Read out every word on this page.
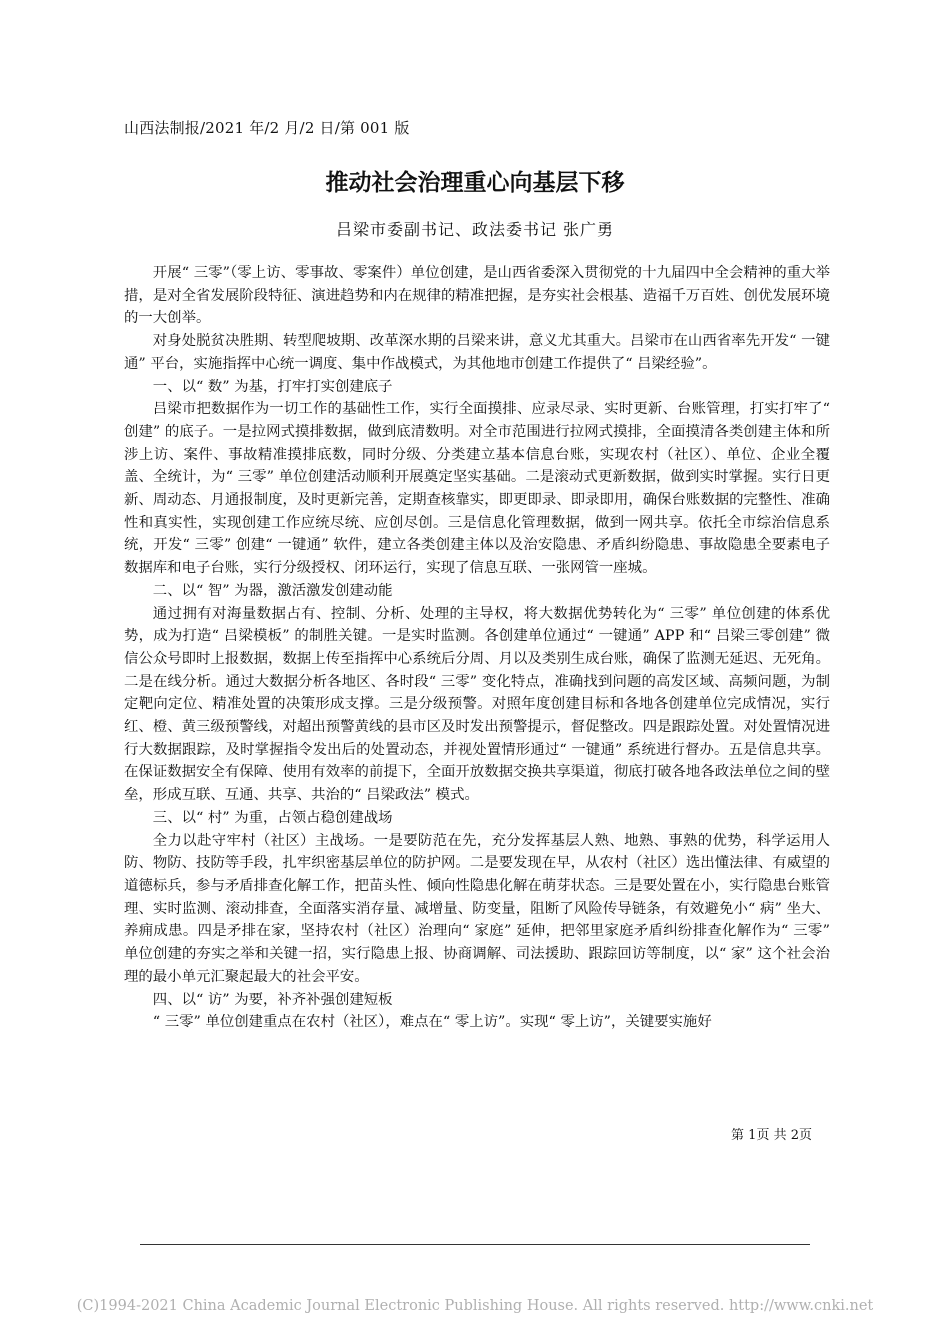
山西法制报/2021 年/2 月/2 日/第 001 版
推动社会治理重心向基层下移
吕梁市委副书记、政法委书记 张广勇

开展“ 三零”（零上访、零事故、零案件）单位创建，是山西省委深入贯彻党的十九届四中全会精神的重大举措，是对全省发展阶段特征、演进趋势和内在规律的精准把握，是夯实社会根基、造福千万百姓、创优发展环境的一大创举。

对身处脱贫决胜期、转型爬坡期、改革深水期的吕梁来讲，意义尤其重大。吕梁市在山西省率先开发“ 一键通” 平台，实施指挥中心统一调度、集中作战模式，为其他地市创建工作提供了“ 吕梁经验”。

一、以“ 数” 为基，打牢打实创建底子

吕梁市把数据作为一切工作的基础性工作，实行全面摸排、应录尽录、实时更新、台账管理，打实打牢了“ 创建” 的底子。一是拉网式摸排数据，做到底清数明。对全市范围进行拉网式摸排，全面摸清各类创建主体和所涉上访、案件、事故精准摸排底数，同时分级、分类建立基本信息台账，实现农村（社区）、单位、企业全覆盖、全统计，为“ 三零” 单位创建活动顺利开展奠定坚实基础。二是滚动式更新数据，做到实时掌握。实行日更新、周动态、月通报制度，及时更新完善，定期查核靠实，即更即录、即录即用，确保台账数据的完整性、准确性和真实性，实现创建工作应统尽统、应创尽创。三是信息化管理数据，做到一网共享。依托全市综治信息系统，开发“ 三零” 创建“ 一键通” 软件，建立各类创建主体以及治安隐患、矛盾纠纷隐患、事故隐患全要素电子数据库和电子台账，实行分级授权、闭环运行，实现了信息互联、一张网管一座城。

二、以“ 智” 为器，激活激发创建动能

通过拥有对海量数据占有、控制、分析、处理的主导权，将大数据优势转化为“ 三零” 单位创建的体系优势，成为打造“ 吕梁模板” 的制胜关键。一是实时监测。各创建单位通过“ 一键通” APP 和“ 吕梁三零创建” 微信公众号即时上报数据，数据上传至指挥中心系统后分周、月以及类别生成台账，确保了监测无延迟、无死角。二是在线分析。通过大数据分析各地区、各时段“ 三零” 变化特点，准确找到问题的高发区域、高频问题，为制定靶向定位、精准处置的决策形成支撑。三是分级预警。对照年度创建目标和各地各创建单位完成情况，实行红、橙、黄三级预警线，对超出预警黄线的县市区及时发出预警提示，督促整改。四是跟踪处置。对处置情况进行大数据跟踪，及时掌握指令发出后的处置动态，并视处置情形通过“ 一键通” 系统进行督办。五是信息共享。在保证数据安全有保障、使用有效率的前提下，全面开放数据交换共享渠道，彻底打破各地各政法单位之间的壁垒，形成互联、互通、共享、共治的“ 吕梁政法” 模式。

三、以“ 村” 为重，占领占稳创建战场

全力以赴守牢村（社区）主战场。一是要防范在先，充分发挥基层人熟、地熟、事熟的优势，科学运用人防、物防、技防等手段，扎牢织密基层单位的防护网。二是要发现在早，从农村（社区）选出懂法律、有威望的道德标兵，参与矛盾排查化解工作，把苗头性、倾向性隐患化解在萌芽状态。三是要处置在小，实行隐患台账管理、实时监测、滚动排查，全面落实消存量、减增量、防变量，阻断了风险传导链条，有效避免小“ 病” 坐大、养痈成患。四是矛排在家，坚持农村（社区）治理向“ 家庭” 延伸，把邻里家庭矛盾纠纷排查化解作为“ 三零” 单位创建的夯实之举和关键一招，实行隐患上报、协商调解、司法援助、跟踪回访等制度，以“ 家” 这个社会治理的最小单元汇聚起最大的社会平安。

四、以“ 访” 为要，补齐补强创建短板

“ 三零” 单位创建重点在农村（社区），难点在“ 零上访”。实现“ 零上访”，关键要实施好

第 1页 共 2页
(C)1994-2021 China Academic Journal Electronic Publishing House. All rights reserved. http://www.cnki.net
